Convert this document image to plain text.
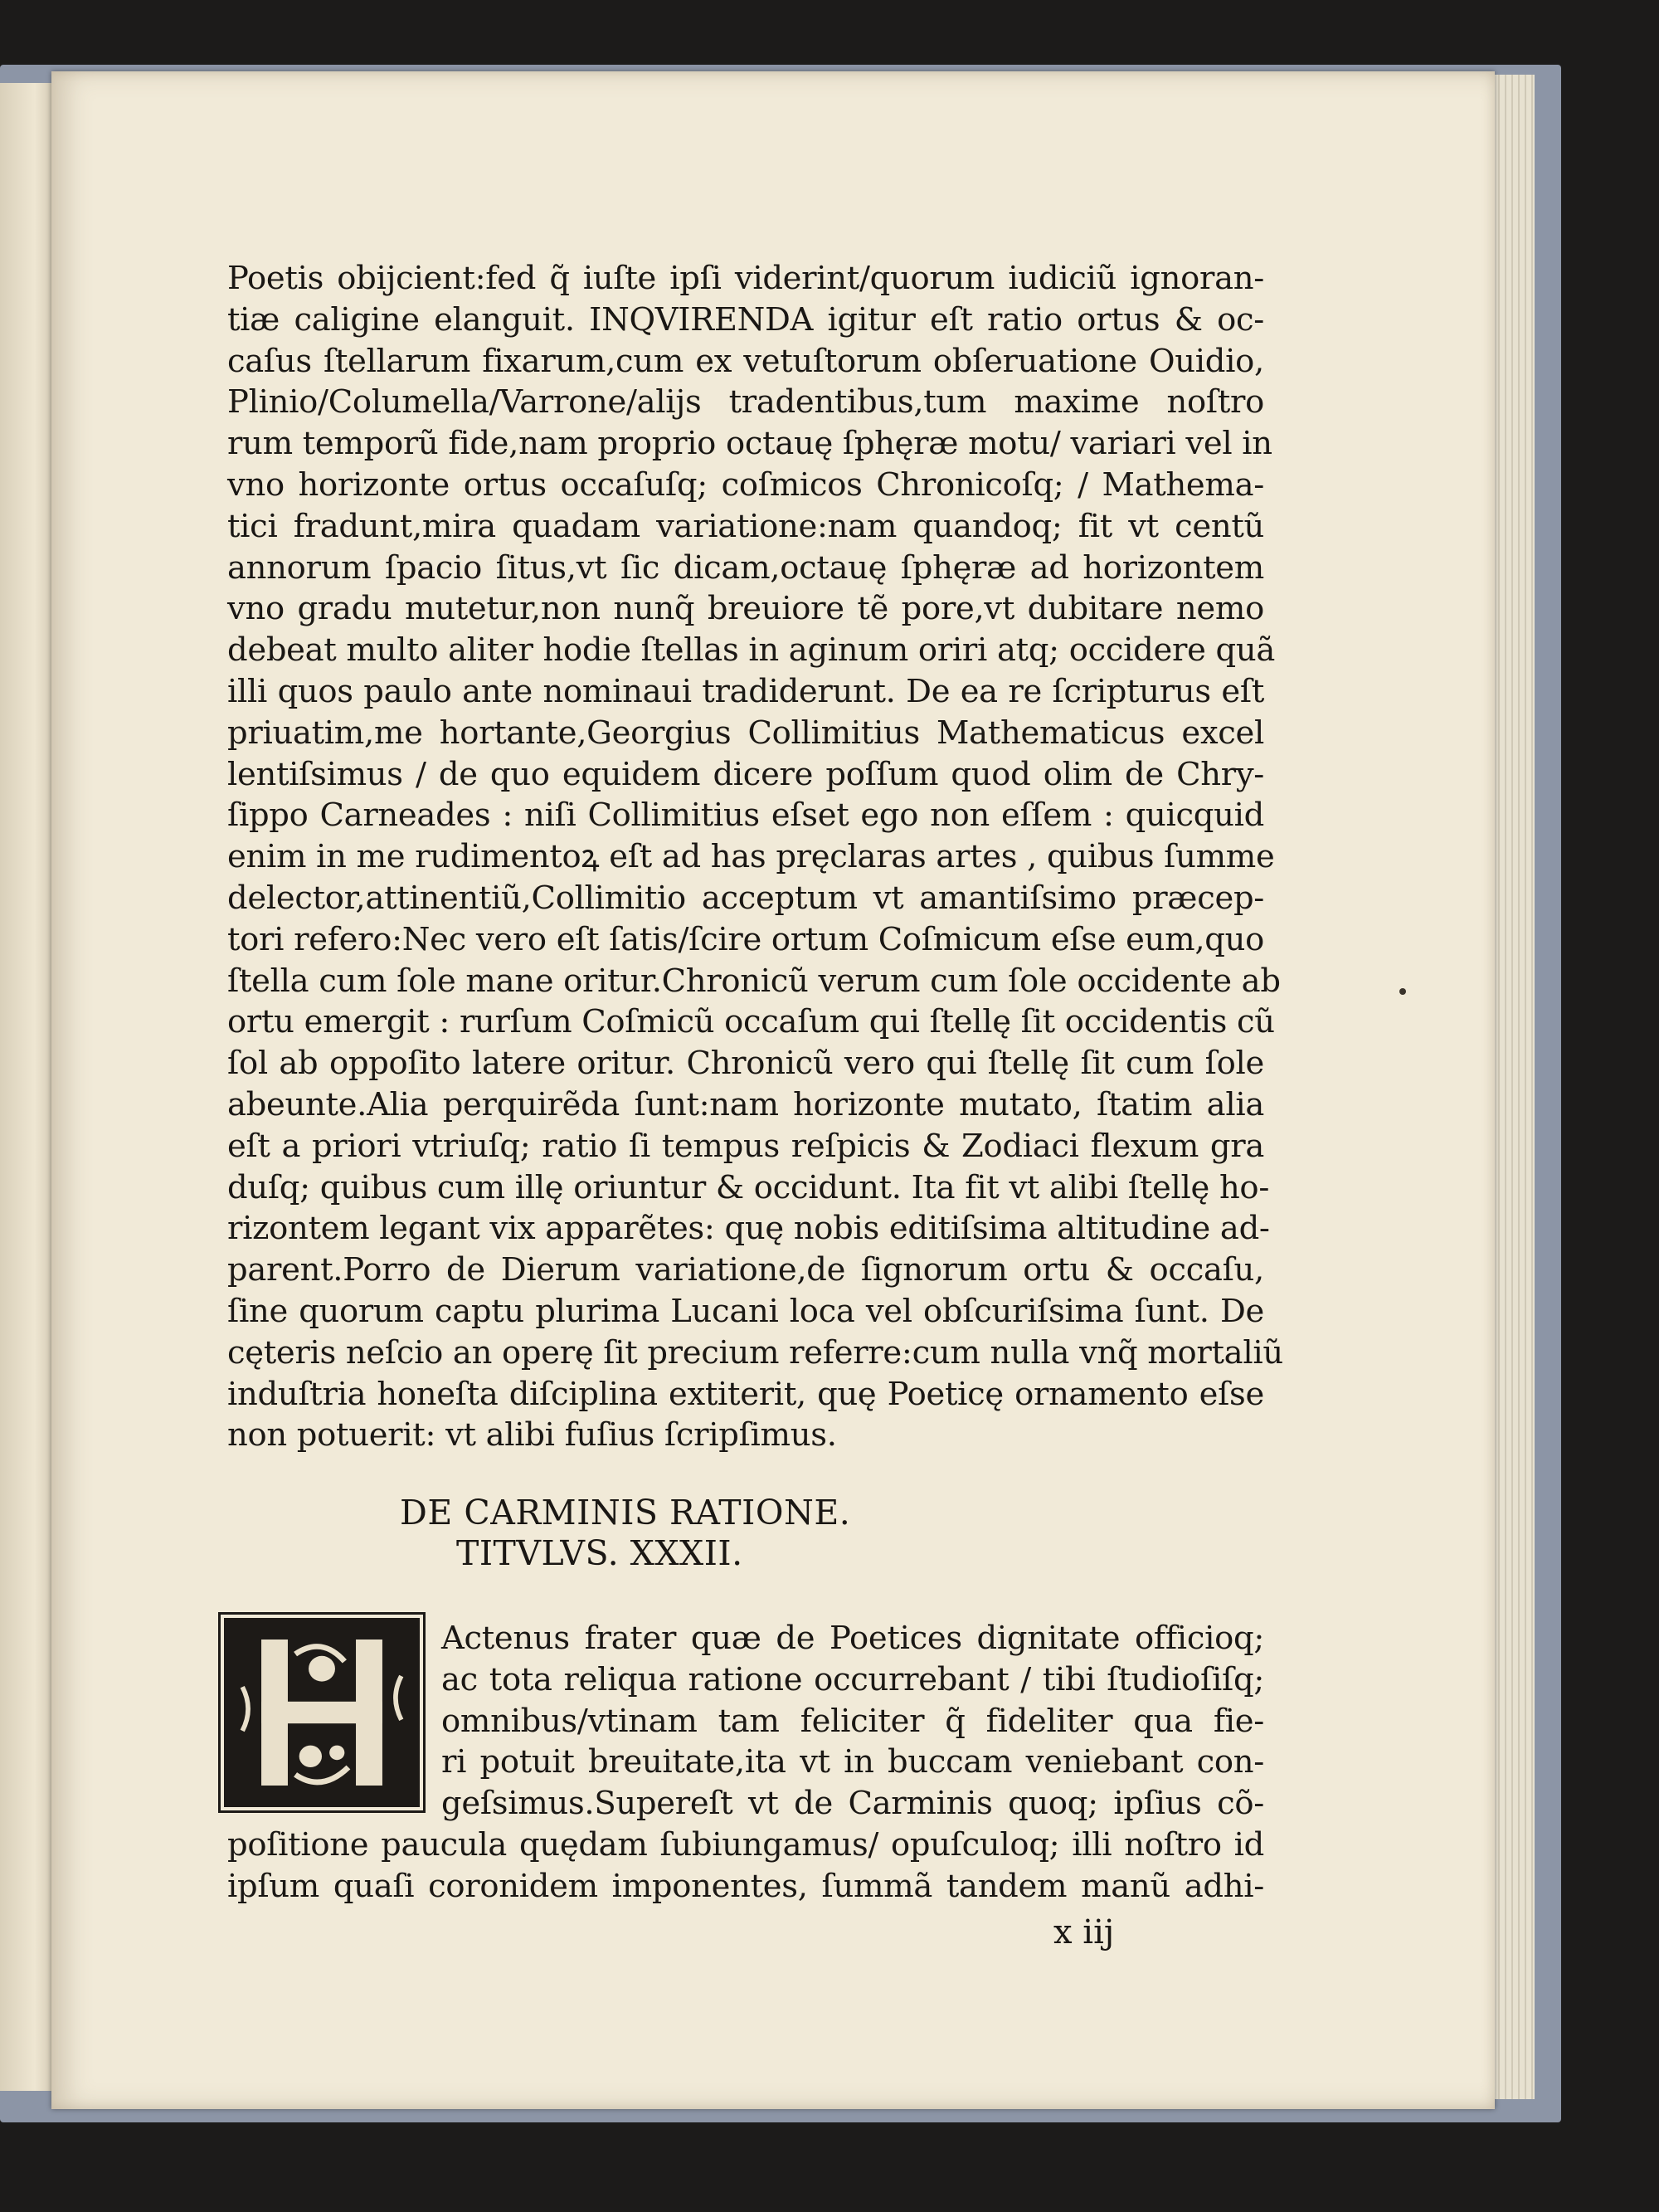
Poetis obijcient:fed q̃ iuſte ipſi viderint/quorum iudiciũ ignoran-
tiæ caligine elanguit. INQVIRENDA igitur eſt ratio ortus & oc-
caſus ſtellarum fixarum,cum ex vetuſtorum obſeruatione Ouidio,
Plinio/Columella/Varrone/alijs tradentibus,tum maxime noſtro
rum temporũ fide,nam proprio octauę ſphęræ motu/ variari vel in
vno horizonte ortus occaſuſq; coſmicos Chronicoſq; / Mathema-
tici fradunt,mira quadam variatione:nam quandoq; fit vt centũ
annorum ſpacio ſitus,vt ſic dicam,octauę ſphęræ ad horizontem
vno gradu mutetur,non nunq̃ breuiore tẽ pore,vt dubitare nemo
debeat multo aliter hodie ſtellas in aginum oriri atq; occidere quã
illi quos paulo ante nominaui tradiderunt. De ea re ſcripturus eſt
priuatim,me hortante,Georgius Collimitius Mathematicus excel
lentiſsimus / de quo equidem dicere poſſum quod olim de Chry-
ſippo Carneades : niſi Collimitius eſset ego non eſſem : quicquid
enim in me rudimentoꝝ eſt ad has pręclaras artes , quibus ſumme
delector,attinentiũ,Collimitio acceptum vt amantiſsimo præcep-
tori refero:Nec vero eſt ſatis/ſcire ortum Coſmicum eſse eum,quo
ſtella cum ſole mane oritur.Chronicũ verum cum ſole occidente ab
ortu emergit : rurſum Coſmicũ occaſum qui ſtellę ſit occidentis cũ
ſol ab oppoſito latere oritur. Chronicũ vero qui ſtellę ſit cum ſole
abeunte.Alia perquirẽda ſunt:nam horizonte mutato, ſtatim alia
eſt a priori vtriuſq; ratio ſi tempus reſpicis & Zodiaci flexum gra
duſq; quibus cum illę oriuntur & occidunt. Ita fit vt alibi ſtellę ho-
rizontem legant vix apparẽtes: quę nobis editiſsima altitudine ad-
parent.Porro de Dierum variatione,de ſignorum ortu & occaſu,
ſine quorum captu plurima Lucani loca vel obſcuriſsima ſunt. De
cęteris neſcio an operę ſit precium referre:cum nulla vnq̃ mortaliũ
induſtria honeſta diſciplina extiterit, quę Poeticę ornamento eſse
non potuerit: vt alibi fuſius ſcripſimus.
DE CARMINIS RATIONE.
TITVLVS. XXXII.
Actenus frater quæ de Poetices dignitate officioq;
ac tota reliqua ratione occurrebant / tibi ſtudioſiſq;
omnibus/vtinam tam feliciter q̃ fideliter qua fie-
ri potuit breuitate,ita vt in buccam veniebant con-
geſsimus.Supereſt vt de Carminis quoq; ipſius cõ-
poſitione paucula quędam ſubiungamus/ opuſculoq; illi noſtro id
ipſum quaſi coronidem imponentes, ſummã tandem manũ adhi-
x iij
